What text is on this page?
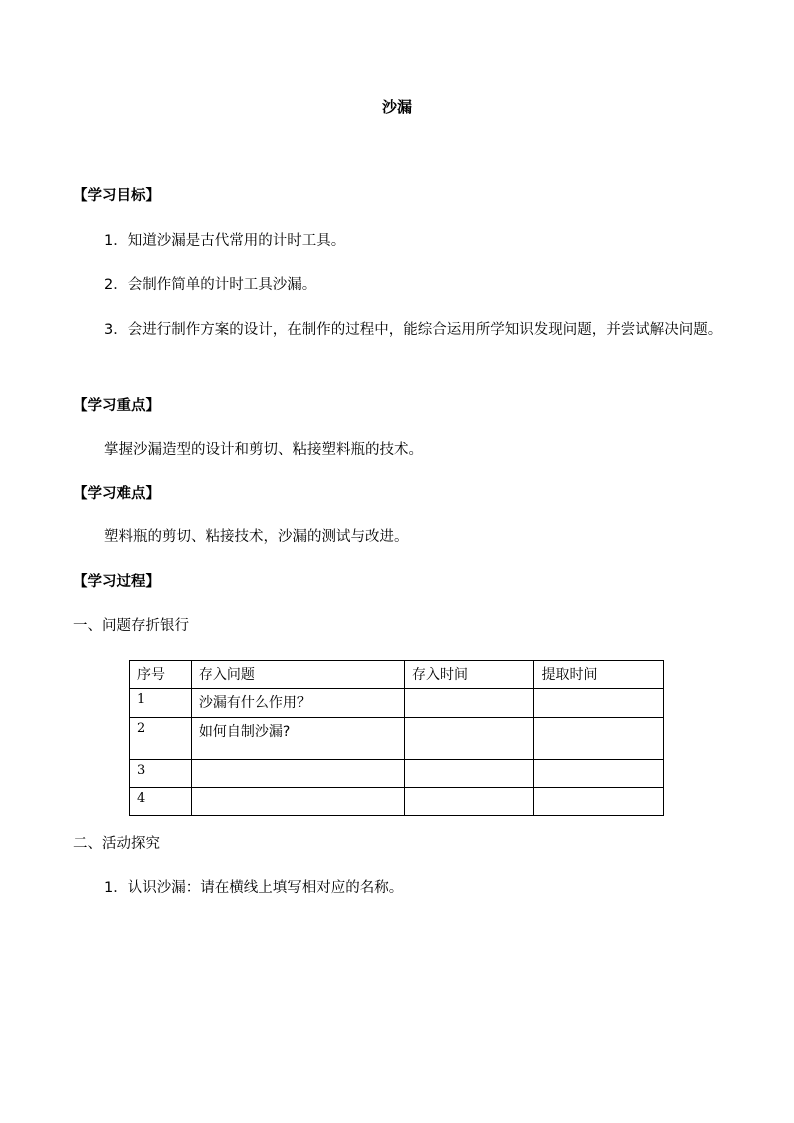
沙漏
【学习目标】
1．知道沙漏是古代常用的计时工具。
2．会制作简单的计时工具沙漏。
3．会进行制作方案的设计，在制作的过程中，能综合运用所学知识发现问题，并尝试解决问题。
【学习重点】
掌握沙漏造型的设计和剪切、粘接塑料瓶的技术。
【学习难点】
塑料瓶的剪切、粘接技术，沙漏的测试与改进。
【学习过程】
一、问题存折银行
序号	存入问题	存入时间	提取时间
1	沙漏有什么作用？		
2	如何自制沙漏?		
3			
4			
二、活动探究
1．认识沙漏：请在横线上填写相对应的名称。
